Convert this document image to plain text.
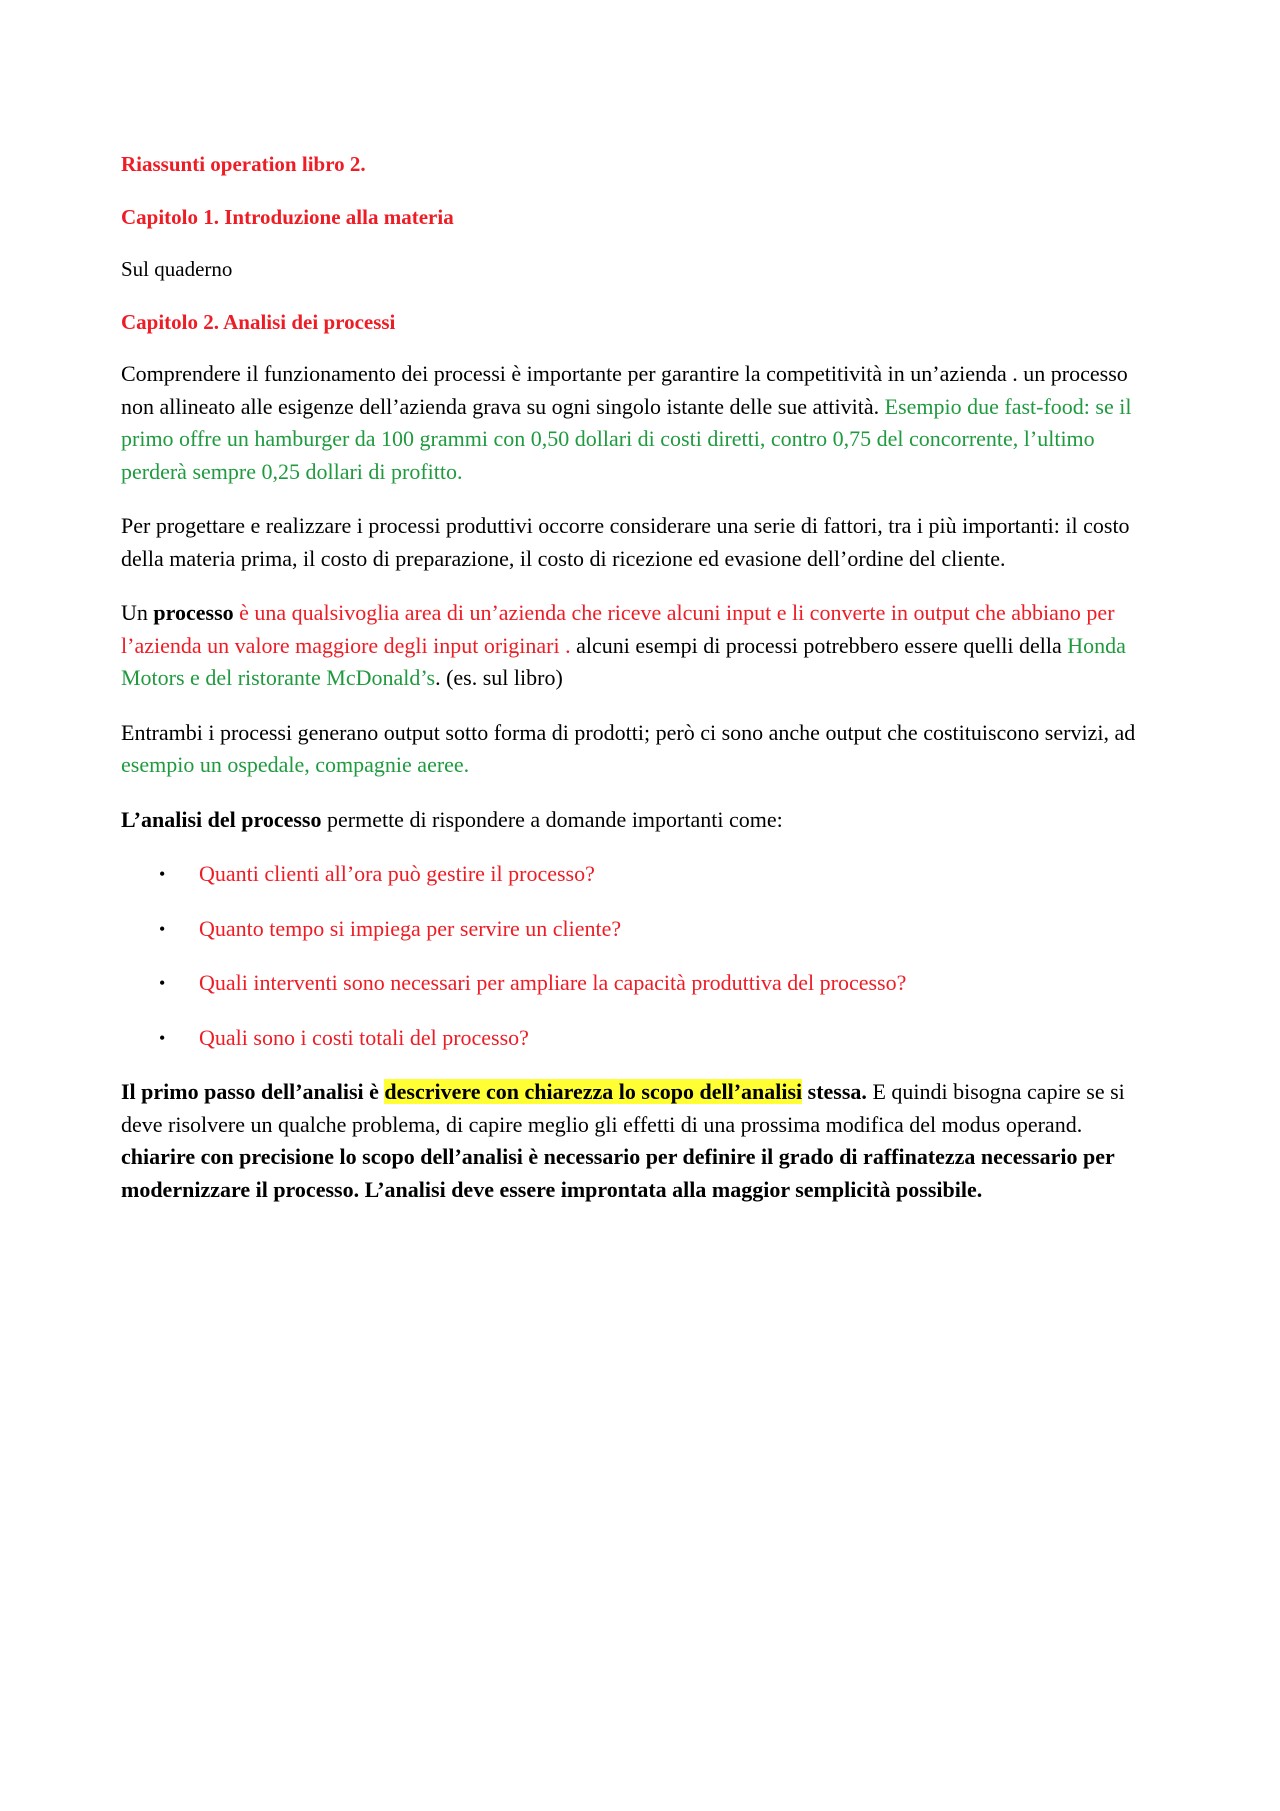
Riassunti operation libro 2.

Capitolo 1. Introduzione alla materia

Sul quaderno

Capitolo 2. Analisi dei processi

Comprendere il funzionamento dei processi è importante per garantire la competitività in un’azienda . un processo non allineato alle esigenze dell’azienda grava su ogni singolo istante delle sue attività. Esempio due fast-food: se il primo offre un hamburger da 100 grammi con 0,50 dollari di costi diretti, contro 0,75 del concorrente, l’ultimo perderà sempre 0,25 dollari di profitto.

Per progettare e realizzare i processi produttivi occorre considerare una serie di fattori, tra i più importanti: il costo della materia prima, il costo di preparazione, il costo di ricezione ed evasione dell’ordine del cliente.

Un processo è una qualsivoglia area di un’azienda che riceve alcuni input e li converte in output che abbiano per l’azienda un valore maggiore degli input originari . alcuni esempi di processi potrebbero essere quelli della Honda Motors e del ristorante McDonald’s. (es. sul libro)

Entrambi i processi generano output sotto forma di prodotti; però ci sono anche output che costituiscono servizi, ad esempio un ospedale, compagnie aeree.

L’analisi del processo permette di rispondere a domande importanti come:

• Quanti clienti all’ora può gestire il processo?
• Quanto tempo si impiega per servire un cliente?
• Quali interventi sono necessari per ampliare la capacità produttiva del processo?
• Quali sono i costi totali del processo?

Il primo passo dell’analisi è descrivere con chiarezza lo scopo dell’analisi stessa. E quindi bisogna capire se si deve risolvere un qualche problema, di capire meglio gli effetti di una prossima modifica del modus operand. chiarire con precisione lo scopo dell’analisi è necessario per definire il grado di raffinatezza necessario per modernizzare il processo. L’analisi deve essere improntata alla maggior semplicità possibile.
